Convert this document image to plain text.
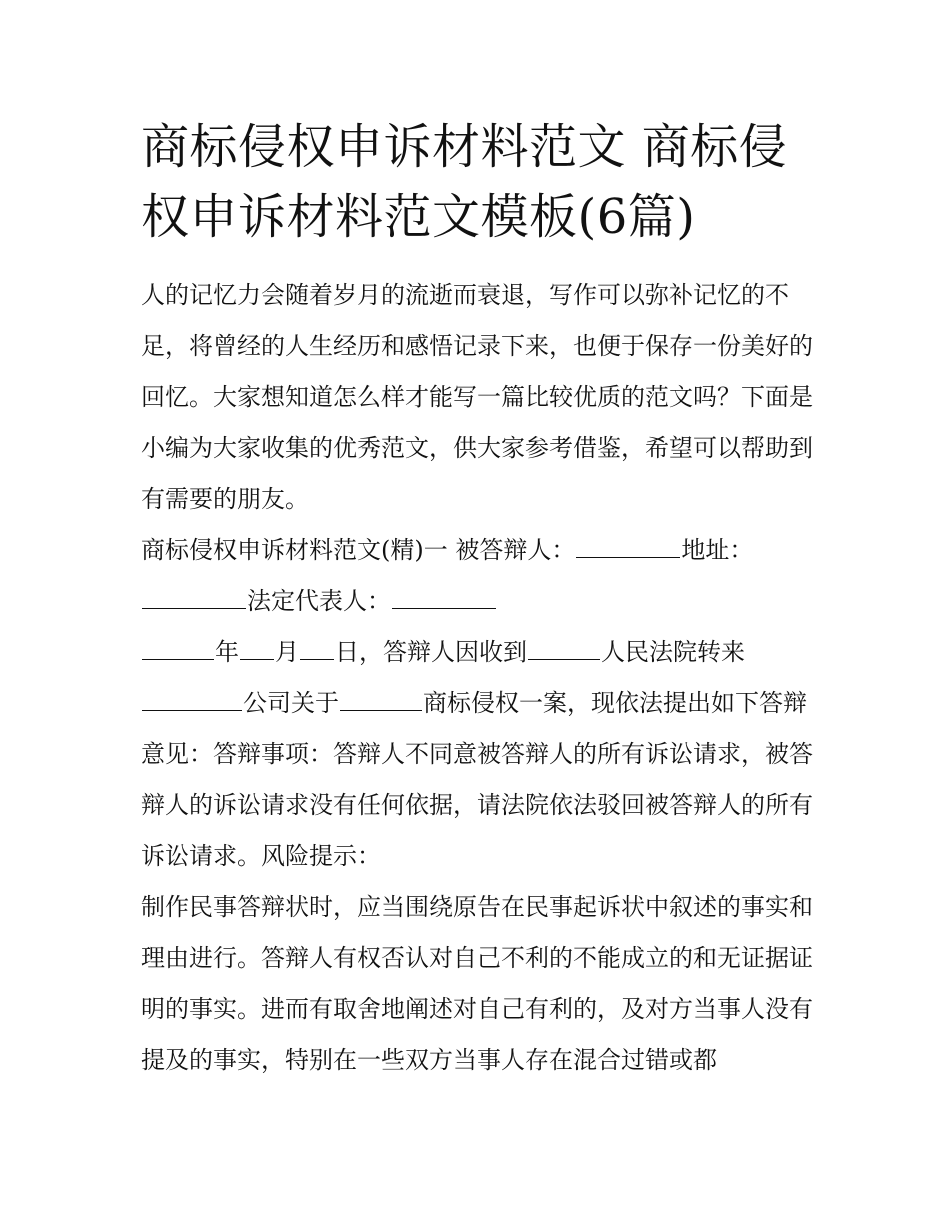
商标侵权申诉材料范文 商标侵权申诉材料范文模板(6篇)

人的记忆力会随着岁月的流逝而衰退，写作可以弥补记忆的不足，将曾经的人生经历和感悟记录下来，也便于保存一份美好的回忆。大家想知道怎么样才能写一篇比较优质的范文吗？下面是小编为大家收集的优秀范文，供大家参考借鉴，希望可以帮助到有需要的朋友。

商标侵权申诉材料范文(精)一 被答辩人：	地址：
法定代表人：

年 月 日，答辩人因收到	人民法院转来
公司关于	商标侵权一案，现依法提出如下答辩意见：答辩事项：答辩人不同意被答辩人的所有诉讼请求，被答辩人的诉讼请求没有任何依据，请法院依法驳回被答辩人的所有诉讼请求。风险提示：

制作民事答辩状时，应当围绕原告在民事起诉状中叙述的事实和理由进行。答辩人有权否认对自己不利的不能成立的和无证据证明的事实。进而有取舍地阐述对自己有利的，及对方当事人没有提及的事实，特别在一些双方当事人存在混合过错或都
